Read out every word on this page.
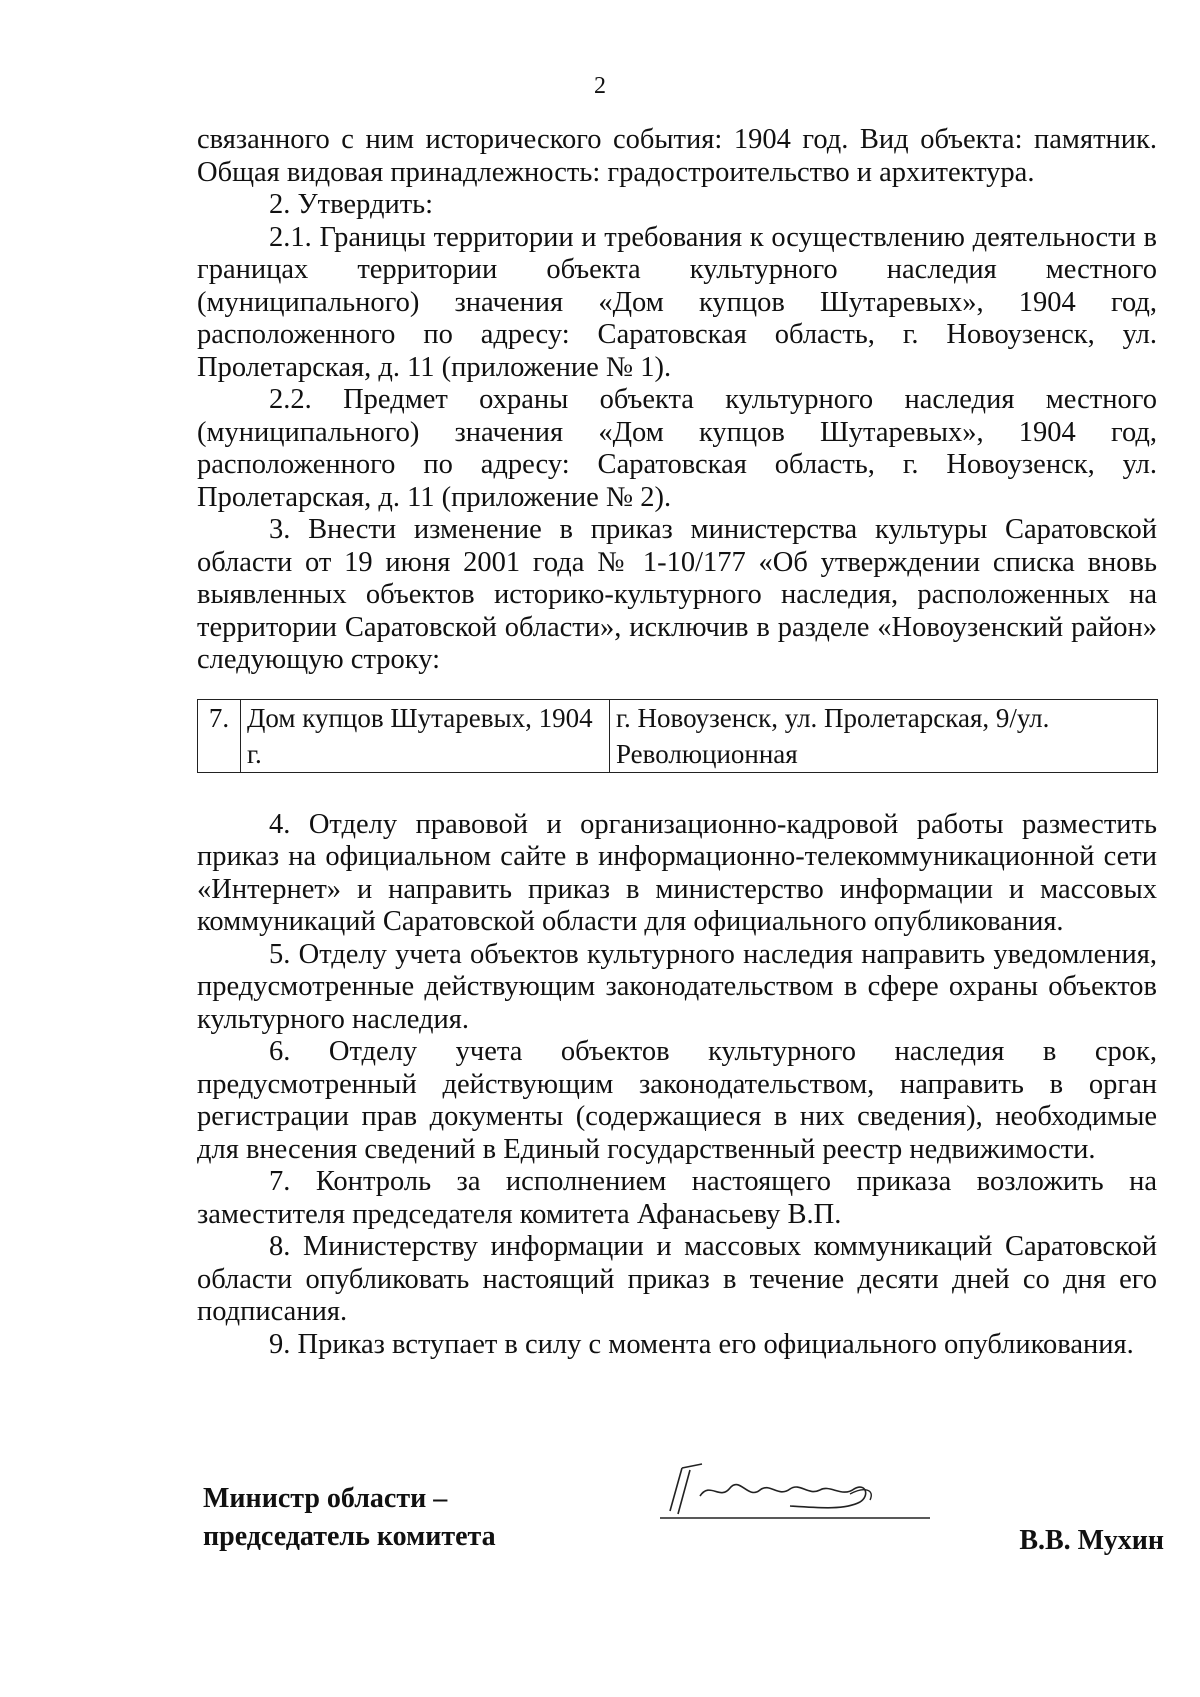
2

связанного с ним исторического события: 1904 год. Вид объекта: памятник. Общая видовая принадлежность: градостроительство и архитектура.

2. Утвердить:

2.1. Границы территории и требования к осуществлению деятельности в границах территории объекта культурного наследия местного (муниципального) значения «Дом купцов Шутаревых», 1904 год, расположенного по адресу: Саратовская область, г. Новоузенск, ул. Пролетарская, д. 11 (приложение № 1).

2.2. Предмет охраны объекта культурного наследия местного (муниципального) значения «Дом купцов Шутаревых», 1904 год, расположенного по адресу: Саратовская область, г. Новоузенск, ул. Пролетарская, д. 11 (приложение № 2).

3. Внести изменение в приказ министерства культуры Саратовской области от 19 июня 2001 года № 1-10/177 «Об утверждении списка вновь выявленных объектов историко-культурного наследия, расположенных на территории Саратовской области», исключив в разделе «Новоузенский район» следующую строку:

7.	Дом купцов Шутаревых, 1904 г.	г. Новоузенск, ул. Пролетарская, 9/ул. Революционная

4. Отделу правовой и организационно-кадровой работы разместить приказ на официальном сайте в информационно-телекоммуникационной сети «Интернет» и направить приказ в министерство информации и массовых коммуникаций Саратовской области для официального опубликования.

5. Отделу учета объектов культурного наследия направить уведомления, предусмотренные действующим законодательством в сфере охраны объектов культурного наследия.

6. Отделу учета объектов культурного наследия в срок, предусмотренный действующим законодательством, направить в орган регистрации прав документы (содержащиеся в них сведения), необходимые для внесения сведений в Единый государственный реестр недвижимости.

7. Контроль за исполнением настоящего приказа возложить на заместителя председателя комитета Афанасьеву В.П.

8. Министерству информации и массовых коммуникаций Саратовской области опубликовать настоящий приказ в течение десяти дней со дня его подписания.

9. Приказ вступает в силу с момента его официального опубликования.

Министр области –
председатель комитета	В.В. Мухин
